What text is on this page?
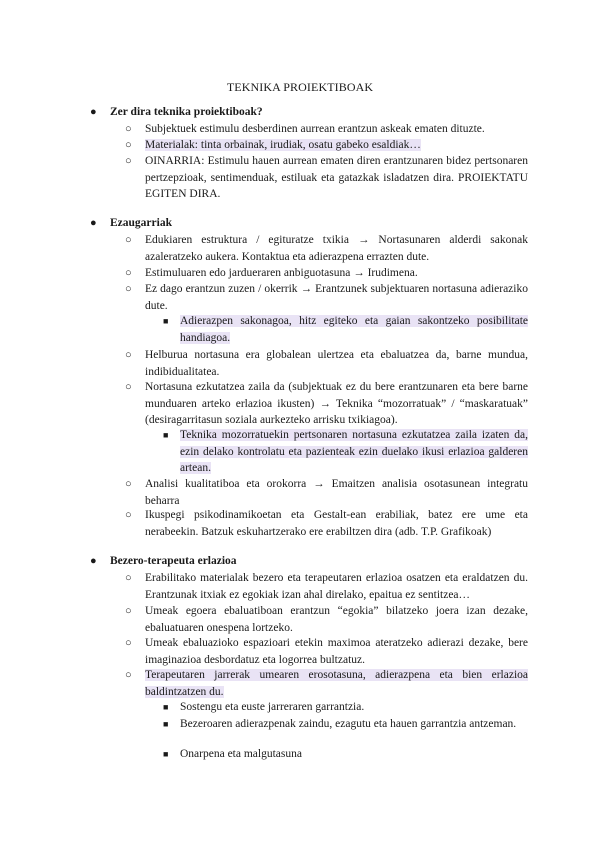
TEKNIKA PROIEKTIBOAK
● Zer dira teknika proiektiboak?
○ Subjektuek estimulu desberdinen aurrean erantzun askeak ematen dituzte.

○ Materialak: tinta orbainak, irudiak, osatu gabeko esaldiak…

○ OINARRIA: Estimulu hauen aurrean ematen diren erantzunaren bidez pertsonaren pertzepzioak, sentimenduak, estiluak eta gatazkak isladatzen dira. PROIEKTATU EGITEN DIRA.

● Ezaugarriak
○ Edukiaren estruktura / egituratze txikia → Nortasunaren alderdi sakonak azaleratzeko aukera. Kontaktua eta adierazpena errazten dute.

○ Estimuluaren edo jardueraren anbiguotasuna → Irudimena.

○ Ez dago erantzun zuzen / okerrik → Erantzunek subjektuaren nortasuna adieraziko dute.

■ Adierazpen sakonagoa, hitz egiteko eta gaian sakontzeko posibilitate handiagoa.

○ Helburua nortasuna era globalean ulertzea eta ebaluatzea da, barne mundua, indibidualitatea.

○ Nortasuna ezkutatzea zaila da (subjektuak ez du bere erantzunaren eta bere barne munduaren arteko erlazioa ikusten) → Teknika “mozorratuak” / “maskaratuak” (desiragarritasun soziala aurkezteko arrisku txikiagoa).

■ Teknika mozorratuekin pertsonaren nortasuna ezkutatzea zaila izaten da, ezin delako kontrolatu eta pazienteak ezin duelako ikusi erlazioa galderen artean.

○ Analisi kualitatiboa eta orokorra → Emaitzen analisia osotasunean integratu beharra

○ Ikuspegi psikodinamikoetan eta Gestalt-ean erabiliak, batez ere ume eta nerabeekin. Batzuk eskuhartzerako ere erabiltzen dira (adb. T.P. Grafikoak)

● Bezero-terapeuta erlazioa
○ Erabilitako materialak bezero eta terapeutaren erlazioa osatzen eta eraldatzen du. Erantzunak itxiak ez egokiak izan ahal direlako, epaitua ez sentitzea…

○ Umeak egoera ebaluatiboan erantzun “egokia” bilatzeko joera izan dezake, ebaluatuaren onespena lortzeko.

○ Umeak ebaluazioko espazioari etekin maximoa ateratzeko adierazi dezake, bere imaginazioa desbordatuz eta logorrea bultzatuz.

○ Terapeutaren jarrerak umearen erosotasuna, adierazpena eta bien erlazioa baldintzatzen du.

■ Sostengu eta euste jarreraren garrantzia.

■ Bezeroaren adierazpenak zaindu, ezagutu eta hauen garrantzia antzeman.

■ Onarpena eta malgutasuna
